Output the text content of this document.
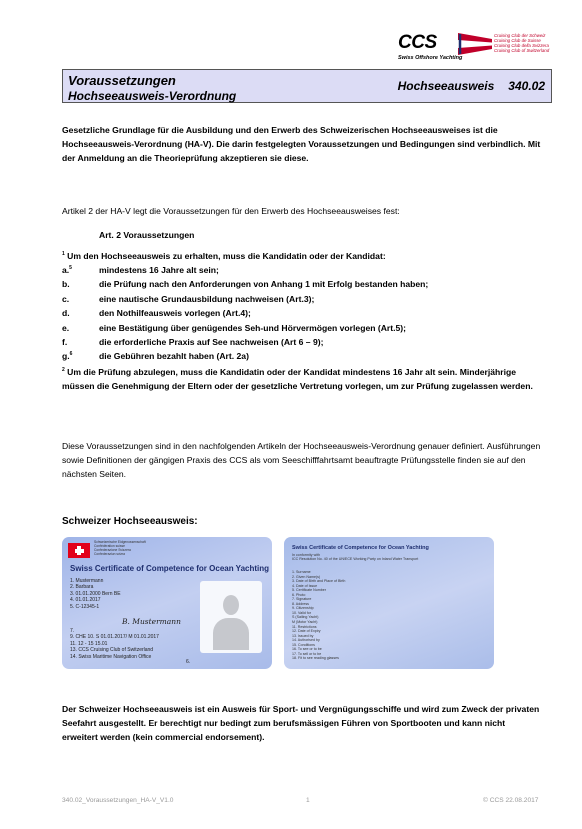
CCS	Cruising Club der Schweiz
Cruising Club de Suisse
Cruising Club della Svizzera
Cruising Club of Switzerland
Swiss Offshore Yachting
Voraussetzungen
Hochseeausweis-Verordnung
Hochseeausweis 340.02
Gesetzliche Grundlage für die Ausbildung und den Erwerb des Schweizerischen Hochseeausweises ist die Hochseeausweis-Verordnung (HA-V). Die darin festgelegten Voraussetzungen und Bedingungen sind verbindlich. Mit der Anmeldung an die Theorieprüfung akzeptieren sie diese.
Artikel 2 der HA-V legt die Voraussetzungen für den Erwerb des Hochseeausweises fest:
Art. 2 Voraussetzungen
$^1$ Um den Hochseeausweis zu erhalten, muss die Kandidatin oder der Kandidat:
a.$^5$	mindestens 16 Jahre alt sein;
b.	die Prüfung nach den Anforderungen von Anhang 1 mit Erfolg bestanden haben;
c.	eine nautische Grundausbildung nachweisen (Art.3);
d.	den Nothilfeausweis vorlegen (Art.4);
e.	eine Bestätigung über genügendes Seh-und Hörvermögen vorlegen (Art.5);
f.	die erforderliche Praxis auf See nachweisen (Art 6 – 9);
g.$^6$	die Gebühren bezahlt haben (Art. 2a)
$^2$ Um die Prüfung abzulegen, muss die Kandidatin oder der Kandidat mindestens 16 Jahr alt sein. Minderjährige müssen die Genehmigung der Eltern oder der gesetzliche Vertretung vorlegen, um zur Prüfung zugelassen werden.
Diese Voraussetzungen sind in den nachfolgenden Artikeln der Hochseeausweis-Verordnung genauer definiert. Ausführungen sowie Definitionen der gängigen Praxis des CCS als vom Seeschifffahrtsamt beauftragte Prüfungsstelle finden sie auf den nächsten Seiten.
Schweizer Hochseeausweis:
Schweizerische Eidgenossenschaft
Confédération suisse
Confederazione Svizzera
Confederaziun svizra
Swiss Certificate of Competence for Ocean Yachting
1. Mustermann
2. Barbara
3. 01.01.2000 Bern BE
4. 01.01.2017
5. C-12345-1
B. Mustermann
7.
9. CHE 10. S 01.01.2017/ M 01.01.2017
11. 12 - 15 15.01
13. CCS Cruising Club of Switzerland
14. Swiss Maritime Navigation Office
6.
Swiss Certificate of Competence for Ocean Yachting
In conformity with
ICC Resolution No. 40 of the UN/ECE Working Party on Inland Water Transport
1. Surname
2. Given Name(s)
3. Date of Birth and Place of Birth
4. Date of Issue
5. Certificate Number
6. Photo
7. Signature
8. Address
9. Citizenship
10. Valid for
S (Sailing Yacht)
M (Motor Yacht)
11. Restrictions
12. Date of Expiry
13. Issued by
14. Authorised by
15. Conditions
16. To see or to be
17. To sell or to be
18. Fit to see reading glasses
Der Schweizer Hochseeausweis ist ein Ausweis für Sport- und Vergnügungsschiffe und wird zum Zweck der privaten Seefahrt ausgestellt. Er berechtigt nur bedingt zum berufsmässigen Führen von Sportbooten und kann nicht erweitert werden (kein commercial endorsement).
340.02_Voraussetzungen_HA-V_V1.0	1	© CCS 22.08.2017
